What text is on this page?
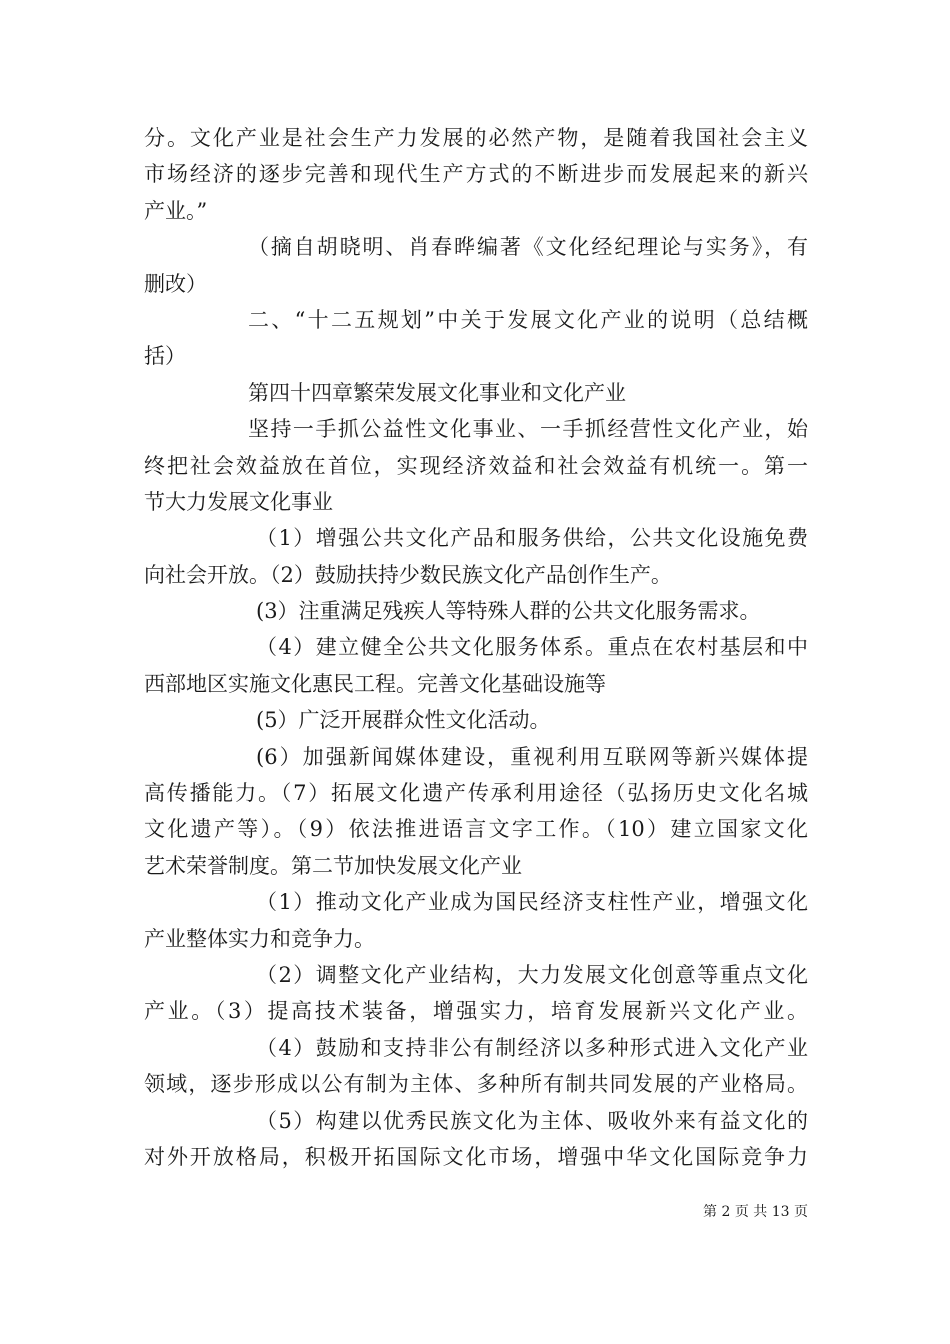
分。文化产业是社会生产力发展的必然产物，是随着我国社会主义
市场经济的逐步完善和现代生产方式的不断进步而发展起来的新兴
产业。”
（摘自胡晓明、肖春晔编著《文化经纪理论与实务》，有
删改）
二、“十二五规划”中关于发展文化产业的说明（总结概
括）
第四十四章繁荣发展文化事业和文化产业
坚持一手抓公益性文化事业、一手抓经营性文化产业，始
终把社会效益放在首位，实现经济效益和社会效益有机统一。第一
节大力发展文化事业
（1）增强公共文化产品和服务供给，公共文化设施免费
向社会开放。（2）鼓励扶持少数民族文化产品创作生产。
(3）注重满足残疾人等特殊人群的公共文化服务需求。
（4）建立健全公共文化服务体系。重点在农村基层和中
西部地区实施文化惠民工程。完善文化基础设施等
(5）广泛开展群众性文化活动。
(6）加强新闻媒体建设，重视利用互联网等新兴媒体提
高传播能力。（7）拓展文化遗产传承利用途径（弘扬历史文化名城
文化遗产等）。（9）依法推进语言文字工作。（10）建立国家文化
艺术荣誉制度。第二节加快发展文化产业
（1）推动文化产业成为国民经济支柱性产业，增强文化
产业整体实力和竞争力。
（2）调整文化产业结构，大力发展文化创意等重点文化
产业。（3）提高技术装备，增强实力，培育发展新兴文化产业。
（4）鼓励和支持非公有制经济以多种形式进入文化产业
领域，逐步形成以公有制为主体、多种所有制共同发展的产业格局。
（5）构建以优秀民族文化为主体、吸收外来有益文化的
对外开放格局，积极开拓国际文化市场，增强中华文化国际竞争力
第 2 页 共 13 页
